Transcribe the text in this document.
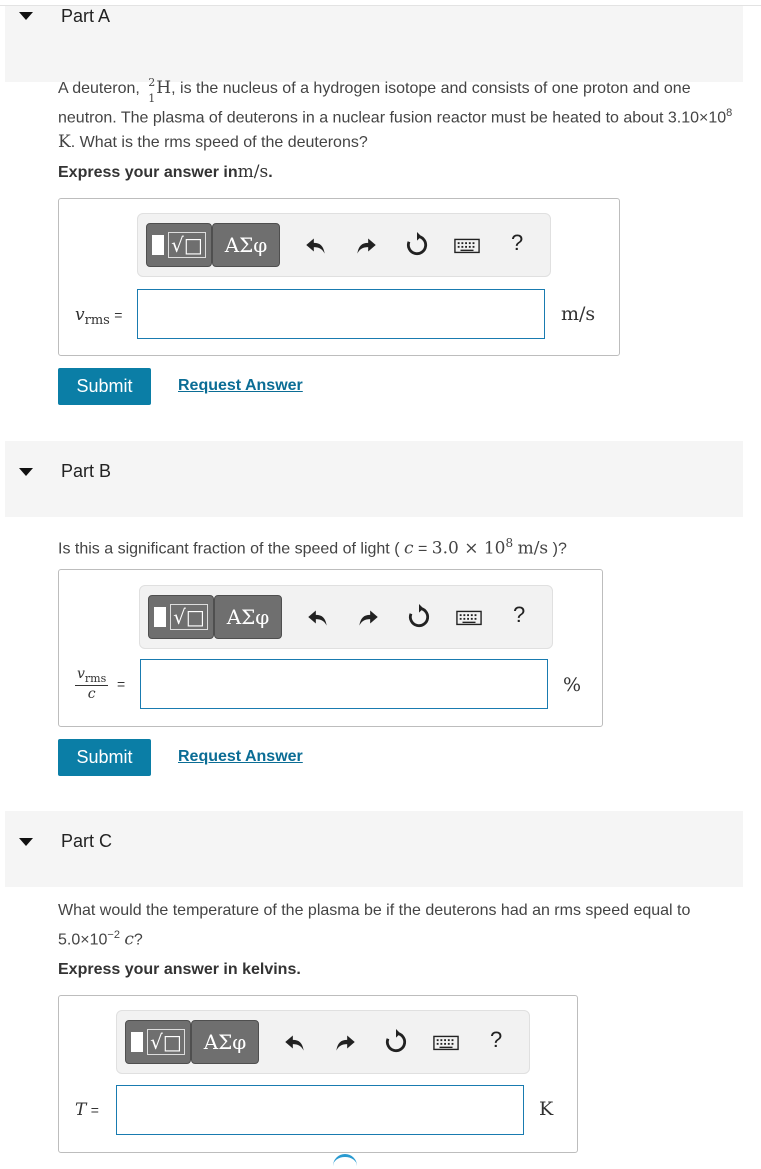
Part A
A deuteron, 2
1
H, is the nucleus of a hydrogen isotope and consists of one proton and one neutron. The plasma of deuterons in a nuclear fusion reactor must be heated to about $3.10\times 10^8$ K. What is the rms speed of the deuterons?
Express your answer inm/s.
√□	ΑΣφ	?
$v_{rms}$ =	m/s
Submit	Request Answer
Part B
Is this a significant fraction of the speed of light ( $c = 3.0 \times 10^8$ m/s )?
√□	ΑΣφ	?
$v_{rms}$
c
=	%
Submit	Request Answer
Part C
What would the temperature of the plasma be if the deuterons had an rms speed equal to
$5.0\times 10^{-2}$ c?
Express your answer in kelvins.
√□	ΑΣφ	?
T =	K
